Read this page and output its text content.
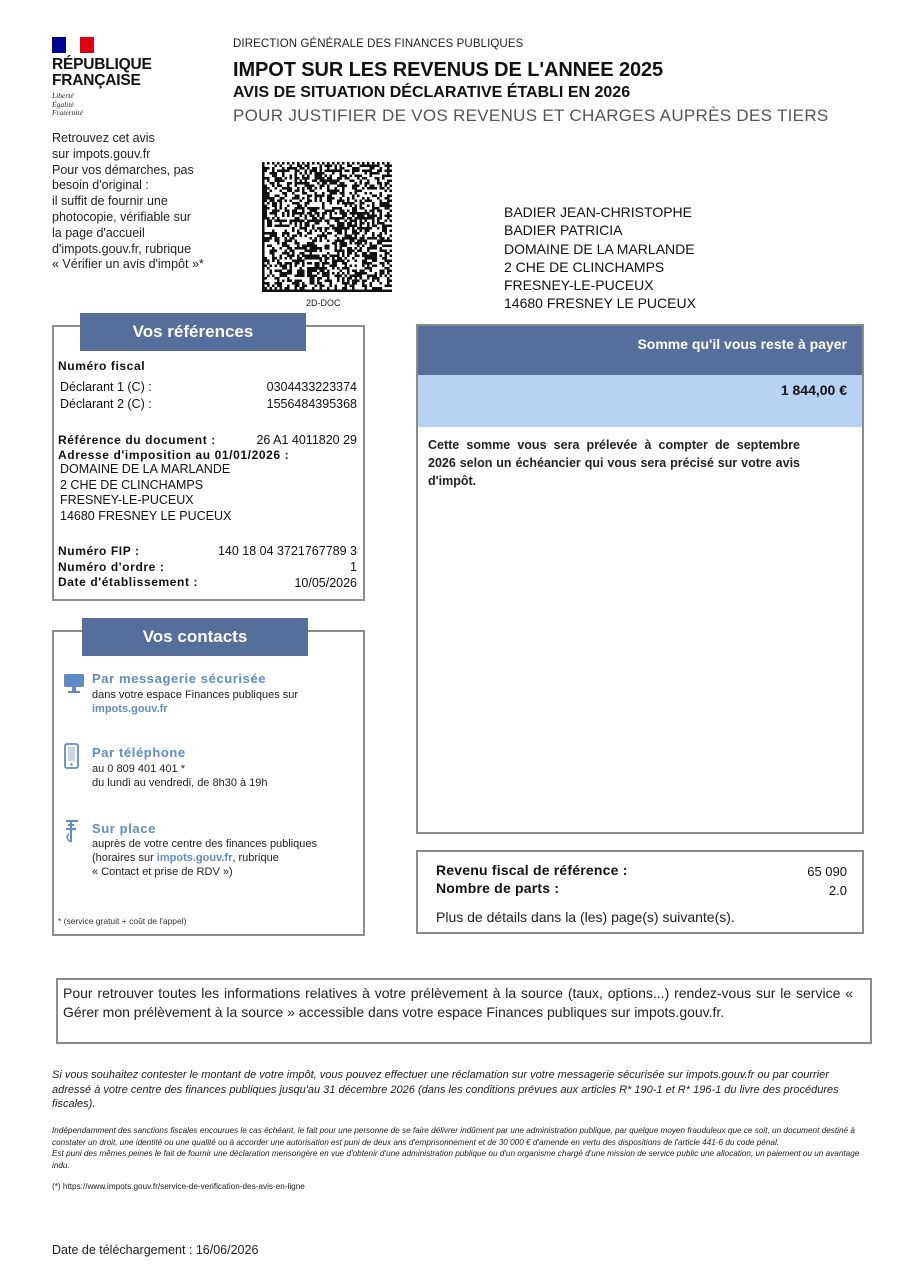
RÉPUBLIQUE
FRANÇAISE
Liberté
Égalité
Fraternité
DIRECTION GÉNÉRALE DES FINANCES PUBLIQUES
IMPOT SUR LES REVENUS DE L'ANNEE 2025
AVIS DE SITUATION DÉCLARATIVE ÉTABLI EN 2026
POUR JUSTIFIER DE VOS REVENUS ET CHARGES AUPRÈS DES TIERS
Retrouvez cet avis
sur impots.gouv.fr
Pour vos démarches, pas
besoin d'original :
il suffit de fournir une
photocopie, vérifiable sur
la page d'accueil
d'impots.gouv.fr, rubrique
« Vérifier un avis d'impôt »*
2D-DOC
BADIER JEAN-CHRISTOPHE
BADIER PATRICIA
DOMAINE DE LA MARLANDE
2 CHE DE CLINCHAMPS
FRESNEY-LE-PUCEUX
14680 FRESNEY LE PUCEUX
Vos références
Numéro fiscal
Déclarant 1 (C) :	0304433223374
Déclarant 2 (C) :	1556484395368
Référence du document :	26 A1 4011820 29
Adresse d'imposition au 01/01/2026 :
DOMAINE DE LA MARLANDE
2 CHE DE CLINCHAMPS
FRESNEY-LE-PUCEUX
14680 FRESNEY LE PUCEUX
Numéro FIP :	140 18 04 3721767789 3
Numéro d'ordre :	1
Date d'établissement :	10/05/2026
Vos contacts
Par messagerie sécurisée
dans votre espace Finances publiques sur
impots.gouv.fr
Par téléphone
au 0 809 401 401 *
du lundi au vendredi, de 8h30 à 19h
Sur place
auprès de votre centre des finances publiques
(horaires sur impots.gouv.fr, rubrique
« Contact et prise de RDV »)
* (service gratuit + coût de l'appel)
Somme qu'il vous reste à payer
1 844,00 €
Cette somme vous sera prélevée à compter de septembre 2026 selon un échéancier qui vous sera précisé sur votre avis d'impôt.
Revenu fiscal de référence :	65 090
Nombre de parts :	2.0
Plus de détails dans la (les) page(s) suivante(s).
Pour retrouver toutes les informations relatives à votre prélèvement à la source (taux, options...) rendez-vous sur le service « Gérer mon prélèvement à la source » accessible dans votre espace Finances publiques sur impots.gouv.fr.
Si vous souhaitez contester le montant de votre impôt, vous pouvez effectuer une réclamation sur votre messagerie sécurisée sur impots.gouv.fr ou par courrier adressé à votre centre des finances publiques jusqu'au 31 décembre 2026 (dans les conditions prévues aux articles R* 190-1 et R* 196-1 du livre des procédures fiscales).
Indépendamment des sanctions fiscales encourues le cas échéant, le fait pour une personne de se faire délivrer indûment par une administration publique, par quelque moyen frauduleux que ce soit, un document destiné à constater un droit, une identité ou une qualité ou à accorder une autorisation est puni de deux ans d'emprisonnement et de 30 000 € d'amende en vertu des dispositions de l'article 441-6 du code pénal.
Est puni des mêmes peines le fait de fournir une déclaration mensongère en vue d'obtenir d'une administration publique ou d'un organisme chargé d'une mission de service public une allocation, un paiement ou un avantage indu.
(*) https://www.impots.gouv.fr/service-de-verification-des-avis-en-ligne
Date de téléchargement : 16/06/2026
